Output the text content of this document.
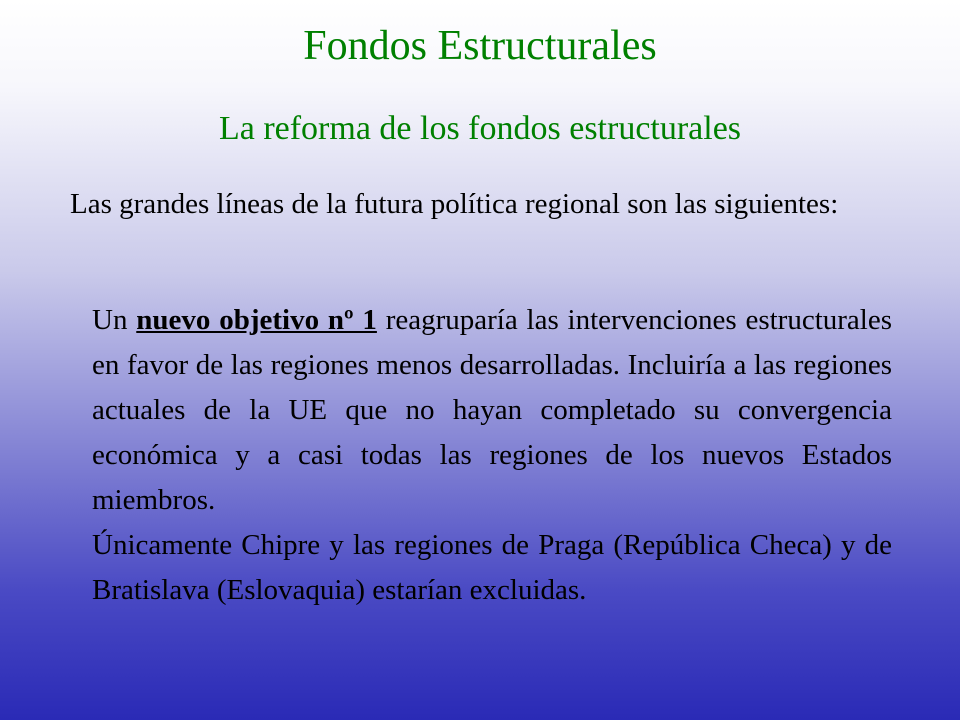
Fondos Estructurales
La reforma de los fondos estructurales

Las grandes líneas de la futura política regional son las siguientes:

Un nuevo objetivo nº 1 reagruparía las intervenciones estructurales en favor de las regiones menos desarrolladas. Incluiría a las regiones actuales de la UE que no hayan completado su convergencia económica y a casi todas las regiones de los nuevos Estados miembros.

Únicamente Chipre y las regiones de Praga (República Checa) y de Bratislava (Eslovaquia) estarían excluidas.
